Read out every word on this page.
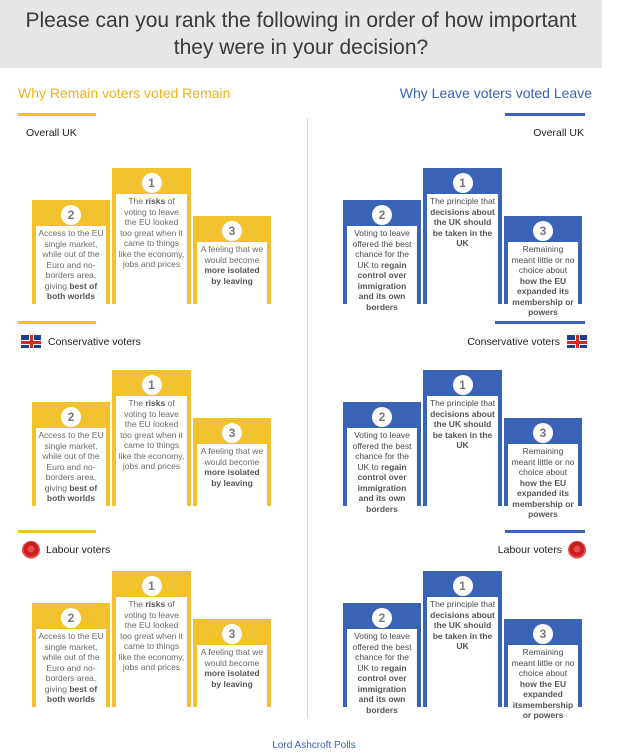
Please can you rank the following in order of how important they were in your decision?
Why Remain voters voted Remain	Why Leave voters voted Leave
Overall UK	Overall UK
Conservative voters	Conservative voters
Labour voters	Labour voters
2
Access to the EU single market, while out of the Euro and no-borders area, giving best of both worlds
1
The risks of voting to leave the EU looked too great when it came to things like the economy, jobs and prices
3
A feeling that we would become more isolated by leaving
2
Voting to leave offered the best chance for the UK to regain control over immigration and its own borders
1
The principle that decisions about the UK should be taken in the UK
3
Remaining meant little or no choice about how the EU expanded its membership or powers
2
Access to the EU single market, while out of the Euro and no-borders area, giving best of both worlds
1
The risks of voting to leave the EU looked too great when it came to things like the economy, jobs and prices
3
A feeling that we would become more isolated by leaving
2
Voting to leave offered the best chance for the UK to regain control over immigration and its own borders
1
The principle that decisions about the UK should be taken in the UK
3
Remaining meant little or no choice about how the EU expanded its membership or powers
2
Access to the EU single market, while out of the Euro and no-borders area, giving best of both worlds
1
The risks of voting to leave the EU looked too great when it came to things like the economy, jobs and prices
3
A feeling that we would become more isolated by leaving
2
Voting to leave offered the best chance for the UK to regain control over immigration and its own borders
1
The principle that decisions about the UK should be taken in the UK
3
Remaining meant little or no choice about how the EU expanded itsmembership or powers
Lord Ashcroft Polls
